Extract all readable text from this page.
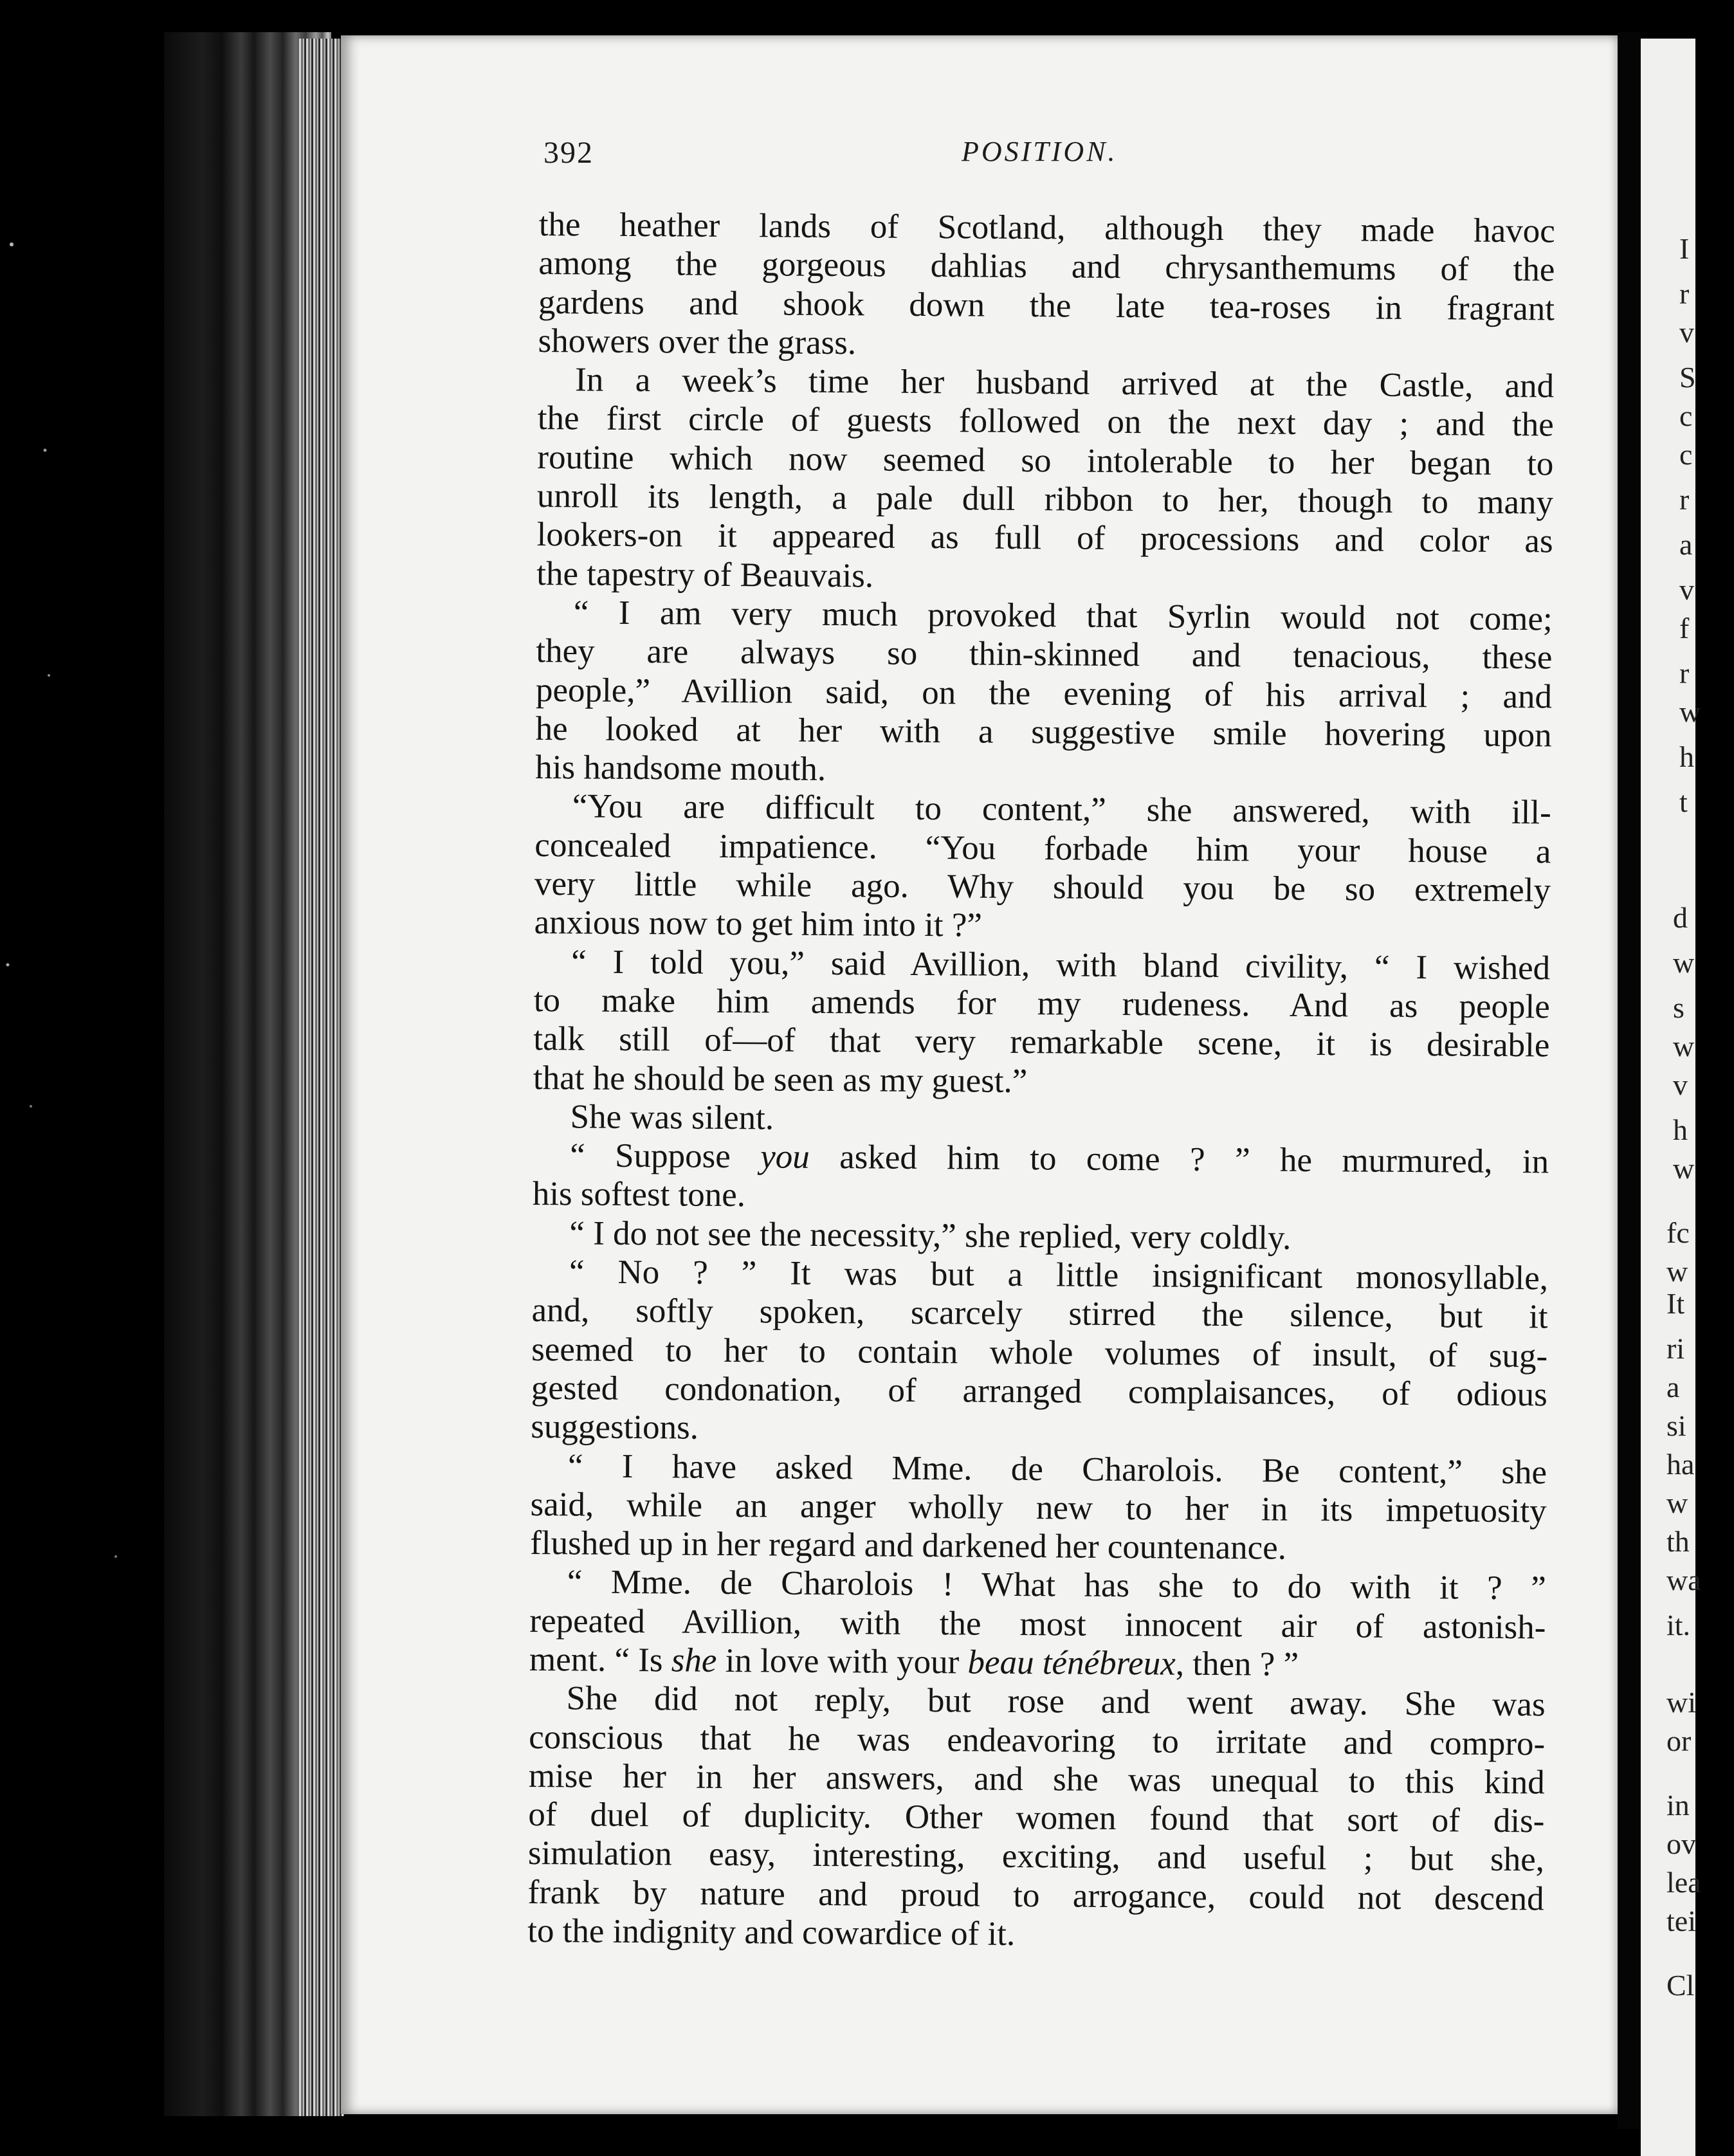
392	POSITION.
the heather lands of Scotland, although they made havoc
among the gorgeous dahlias and chrysanthemums of the
gardens and shook down the late tea-roses in fragrant
showers over the grass.
In a week’s time her husband arrived at the Castle, and
the first circle of guests followed on the next day ; and the
routine which now seemed so intolerable to her began to
unroll its length, a pale dull ribbon to her, though to many
lookers-on it appeared as full of processions and color as
the tapestry of Beauvais.
“ I am very much provoked that Syrlin would not come;
they are always so thin-skinned and tenacious, these
people,” Avillion said, on the evening of his arrival ; and
he looked at her with a suggestive smile hovering upon
his handsome mouth.
“You are difficult to content,” she answered, with ill-
concealed impatience. “You forbade him your house a
very little while ago. Why should you be so extremely
anxious now to get him into it ?”
“ I told you,” said Avillion, with bland civility, “ I wished
to make him amends for my rudeness. And as people
talk still of—of that very remarkable scene, it is desirable
that he should be seen as my guest.”
She was silent.
“ Suppose you asked him to come ? ” he murmured, in
his softest tone.
“ I do not see the necessity,” she replied, very coldly.
“ No ? ” It was but a little insignificant monosyllable,
and, softly spoken, scarcely stirred the silence, but it
seemed to her to contain whole volumes of insult, of sug-
gested condonation, of arranged complaisances, of odious
suggestions.
“ I have asked Mme. de Charolois. Be content,” she
said, while an anger wholly new to her in its impetuosity
flushed up in her regard and darkened her countenance.
“ Mme. de Charolois ! What has she to do with it ? ”
repeated Avillion, with the most innocent air of astonish-
ment. “ Is she in love with your beau ténébreux, then ? ”
She did not reply, but rose and went away. She was
conscious that he was endeavoring to irritate and compro-
mise her in her answers, and she was unequal to this kind
of duel of duplicity. Other women found that sort of dis-
simulation easy, interesting, exciting, and useful ; but she,
frank by nature and proud to arrogance, could not descend
to the indignity and cowardice of it.
I
r
v
S
c
c
r
a
v
f
r
w
h
t
d
w
s
w
v
h
w
fc
w
It
ri
a
si
ha
w
th
wa
it.
wi
or
in
ov
lea
tei
Cl
